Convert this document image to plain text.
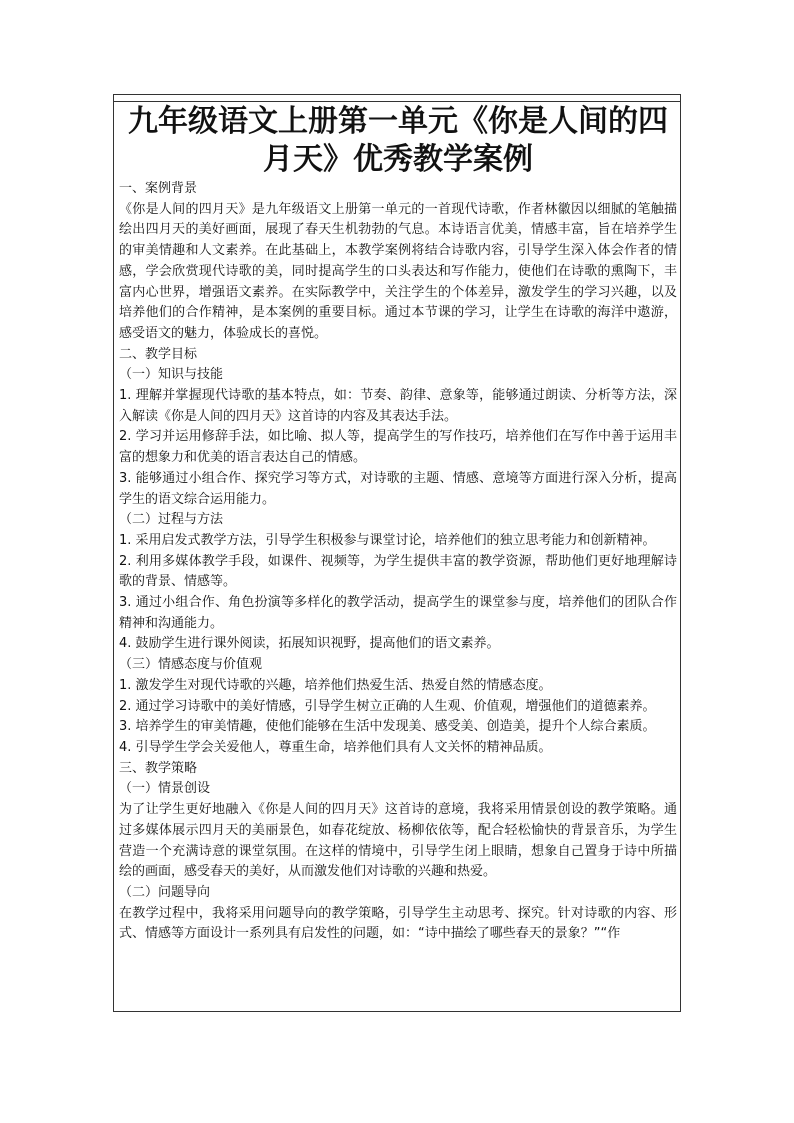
九年级语文上册第一单元《你是人间的四月天》优秀教学案例

一、案例背景

《你是人间的四月天》是九年级语文上册第一单元的一首现代诗歌，作者林徽因以细腻的笔触描绘出四月天的美好画面，展现了春天生机勃勃的气息。本诗语言优美，情感丰富，旨在培养学生的审美情趣和人文素养。在此基础上，本教学案例将结合诗歌内容，引导学生深入体会作者的情感，学会欣赏现代诗歌的美，同时提高学生的口头表达和写作能力，使他们在诗歌的熏陶下，丰富内心世界，增强语文素养。在实际教学中，关注学生的个体差异，激发学生的学习兴趣，以及培养他们的合作精神，是本案例的重要目标。通过本节课的学习，让学生在诗歌的海洋中遨游，感受语文的魅力，体验成长的喜悦。

二、教学目标

（一）知识与技能

1. 理解并掌握现代诗歌的基本特点，如：节奏、韵律、意象等，能够通过朗读、分析等方法，深入解读《你是人间的四月天》这首诗的内容及其表达手法。

2. 学习并运用修辞手法，如比喻、拟人等，提高学生的写作技巧，培养他们在写作中善于运用丰富的想象力和优美的语言表达自己的情感。

3. 能够通过小组合作、探究学习等方式，对诗歌的主题、情感、意境等方面进行深入分析，提高学生的语文综合运用能力。

（二）过程与方法

1. 采用启发式教学方法，引导学生积极参与课堂讨论，培养他们的独立思考能力和创新精神。

2. 利用多媒体教学手段，如课件、视频等，为学生提供丰富的教学资源，帮助他们更好地理解诗歌的背景、情感等。

3. 通过小组合作、角色扮演等多样化的教学活动，提高学生的课堂参与度，培养他们的团队合作精神和沟通能力。

4. 鼓励学生进行课外阅读，拓展知识视野，提高他们的语文素养。

（三）情感态度与价值观

1. 激发学生对现代诗歌的兴趣，培养他们热爱生活、热爱自然的情感态度。

2. 通过学习诗歌中的美好情感，引导学生树立正确的人生观、价值观，增强他们的道德素养。

3. 培养学生的审美情趣，使他们能够在生活中发现美、感受美、创造美，提升个人综合素质。

4. 引导学生学会关爱他人，尊重生命，培养他们具有人文关怀的精神品质。

三、教学策略

（一）情景创设

为了让学生更好地融入《你是人间的四月天》这首诗的意境，我将采用情景创设的教学策略。通过多媒体展示四月天的美丽景色，如春花绽放、杨柳依依等，配合轻松愉快的背景音乐，为学生营造一个充满诗意的课堂氛围。在这样的情境中，引导学生闭上眼睛，想象自己置身于诗中所描绘的画面，感受春天的美好，从而激发他们对诗歌的兴趣和热爱。

（二）问题导向

在教学过程中，我将采用问题导向的教学策略，引导学生主动思考、探究。针对诗歌的内容、形式、情感等方面设计一系列具有启发性的问题，如：“诗中描绘了哪些春天的景象？”“作
